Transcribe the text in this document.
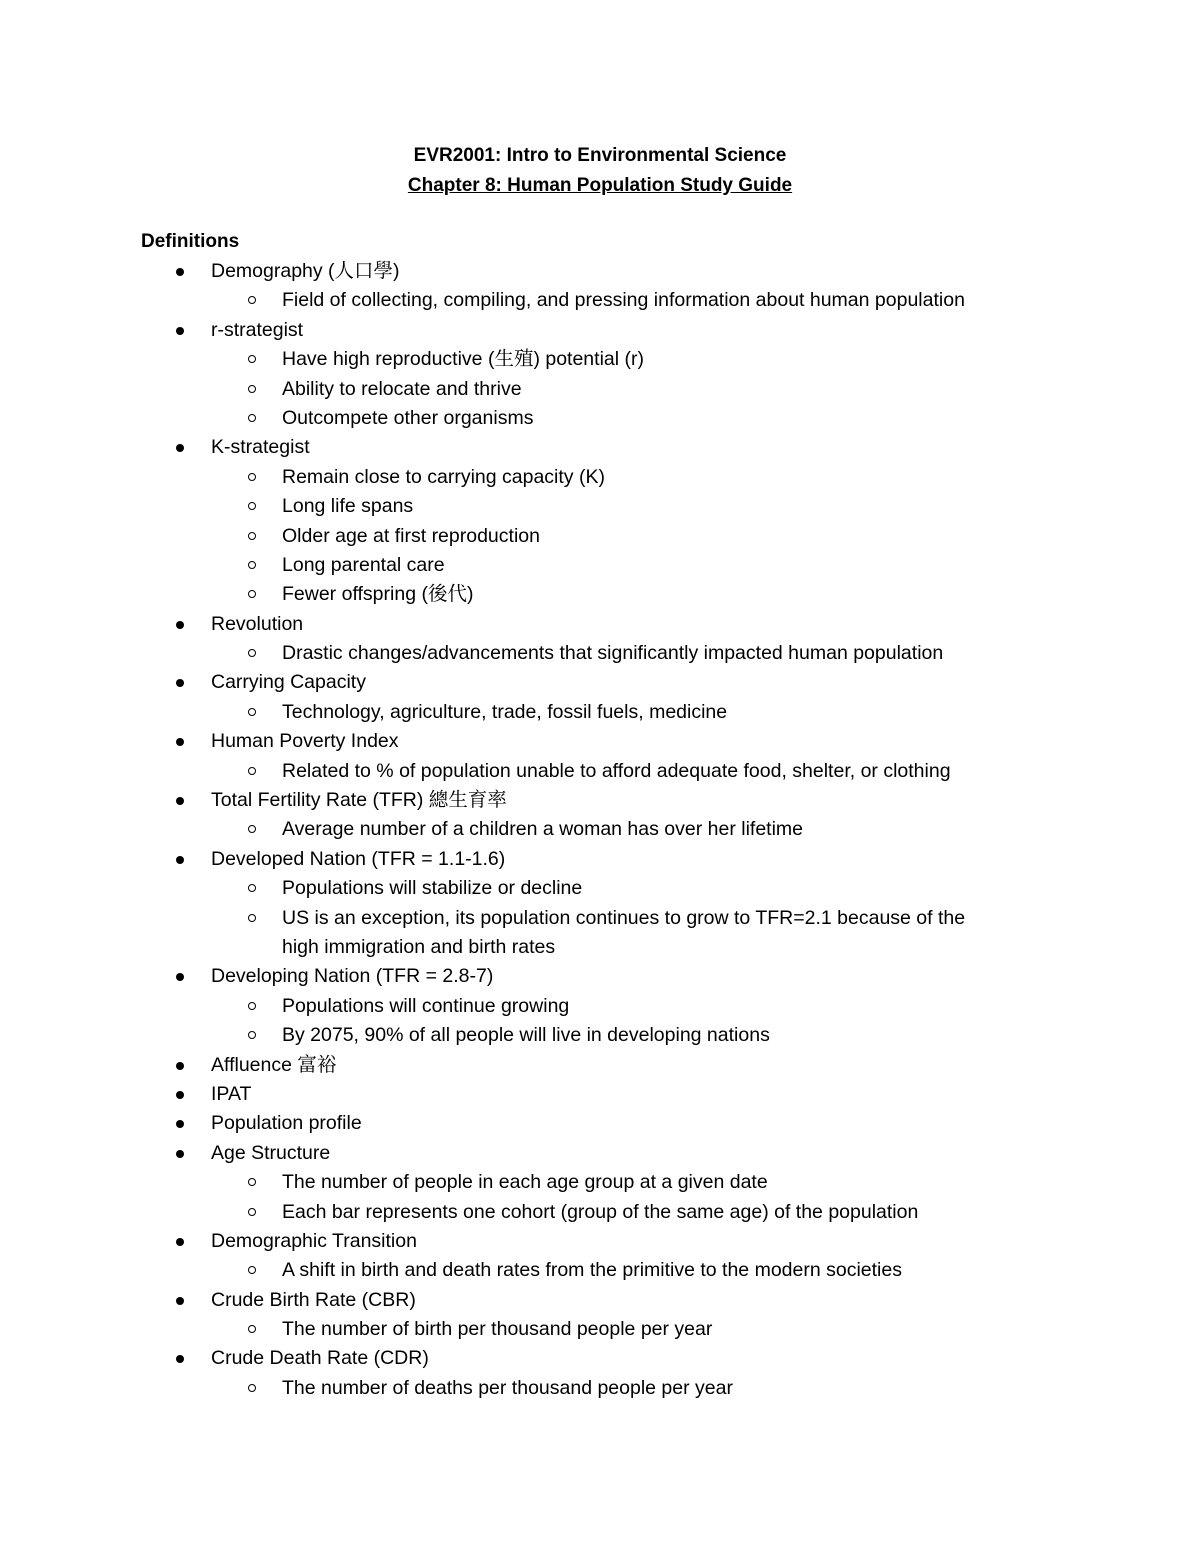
EVR2001: Intro to Environmental Science
Chapter 8: Human Population Study Guide
Definitions
Demography (人口學)
Field of collecting, compiling, and pressing information about human population
r-strategist
Have high reproductive (生殖) potential (r)
Ability to relocate and thrive
Outcompete other organisms
K-strategist
Remain close to carrying capacity (K)
Long life spans
Older age at first reproduction
Long parental care
Fewer offspring (後代)
Revolution
Drastic changes/advancements that significantly impacted human population
Carrying Capacity
Technology, agriculture, trade, fossil fuels, medicine
Human Poverty Index
Related to % of population unable to afford adequate food, shelter, or clothing
Total Fertility Rate (TFR) 總生育率
Average number of a children a woman has over her lifetime
Developed Nation (TFR = 1.1-1.6)
Populations will stabilize or decline
US is an exception, its population continues to grow to TFR=2.1 because of the
high immigration and birth rates
Developing Nation (TFR = 2.8-7)
Populations will continue growing
By 2075, 90% of all people will live in developing nations
Affluence 富裕
IPAT
Population profile
Age Structure
The number of people in each age group at a given date
Each bar represents one cohort (group of the same age) of the population
Demographic Transition
A shift in birth and death rates from the primitive to the modern societies
Crude Birth Rate (CBR)
The number of birth per thousand people per year
Crude Death Rate (CDR)
The number of deaths per thousand people per year
